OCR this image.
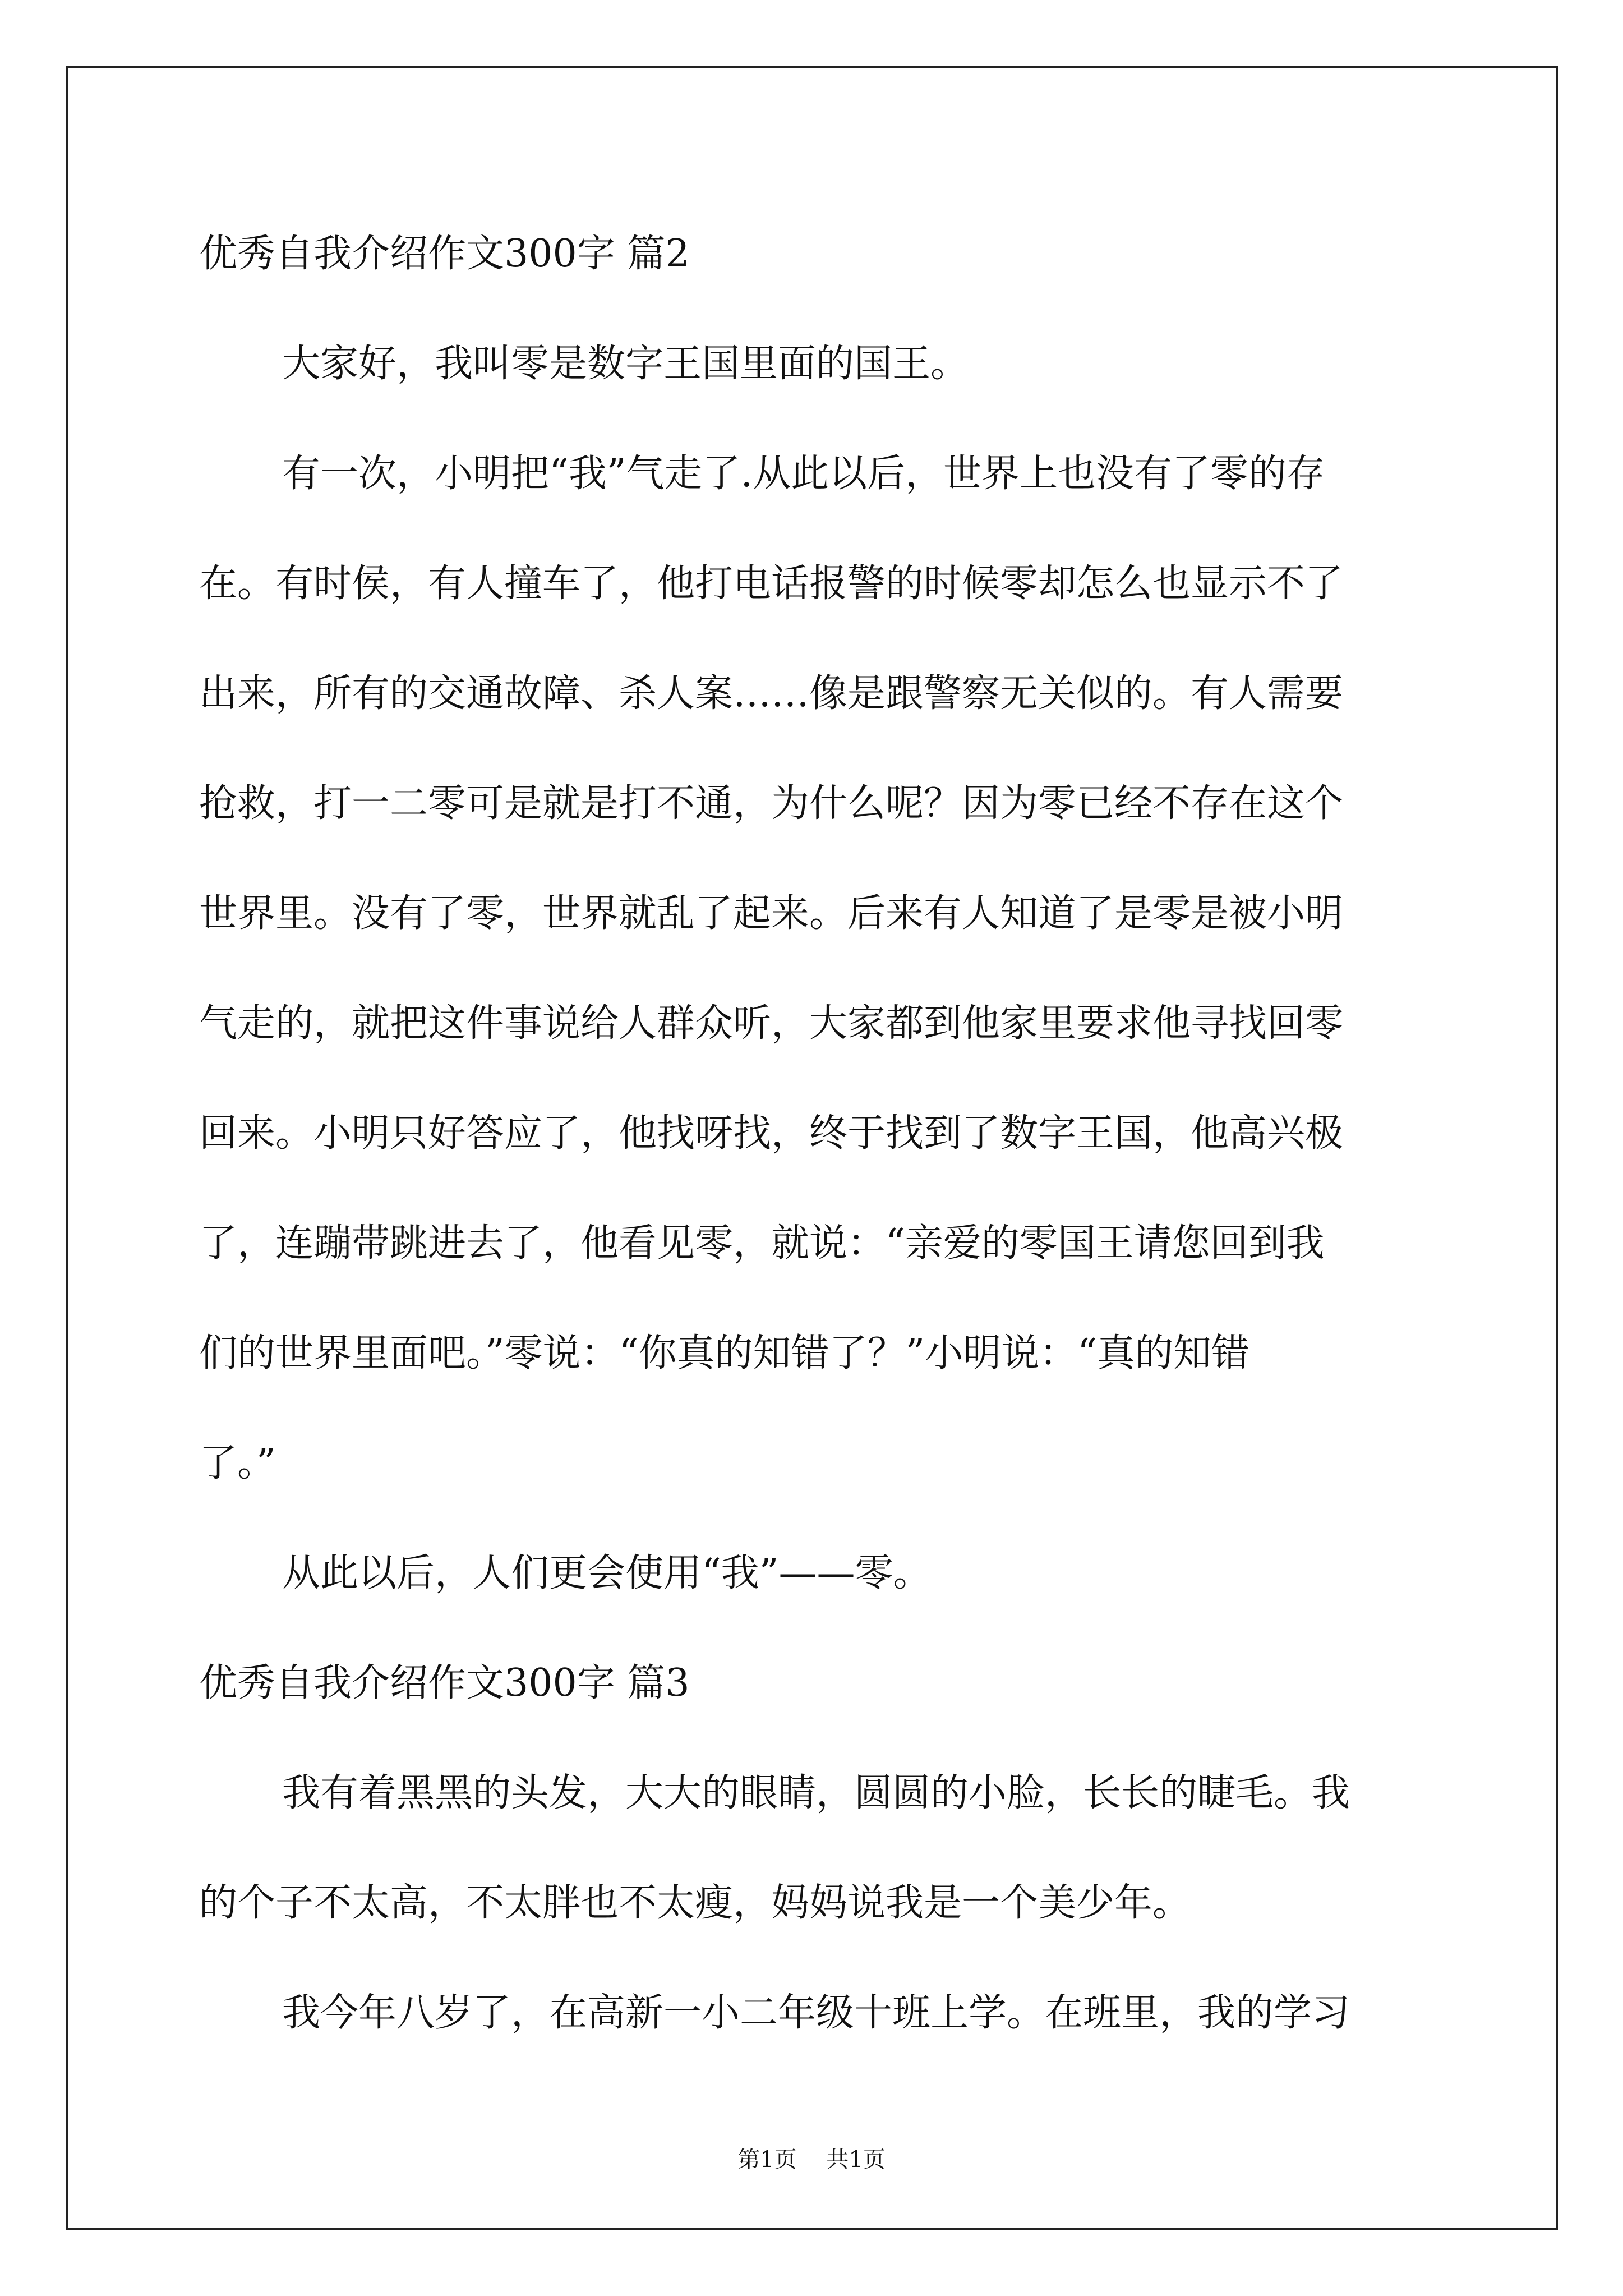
优秀自我介绍作文300字 篇2

大家好，我叫零是数字王国里面的国王。

有一次，小明把“我”气走了.从此以后，世界上也没有了零的存

在。有时侯，有人撞车了，他打电话报警的时候零却怎么也显示不了

出来，所有的交通故障、杀人案……像是跟警察无关似的。有人需要

抢救，打一二零可是就是打不通，为什么呢？因为零已经不存在这个

世界里。没有了零，世界就乱了起来。后来有人知道了是零是被小明

气走的，就把这件事说给人群众听，大家都到他家里要求他寻找回零

回来。小明只好答应了，他找呀找，终于找到了数字王国，他高兴极

了，连蹦带跳进去了，他看见零，就说：“亲爱的零国王请您回到我

们的世界里面吧。”零说：“你真的知错了？”小明说：“真的知错

了。”

从此以后，人们更会使用“我”——零。

优秀自我介绍作文300字 篇3

我有着黑黑的头发，大大的眼睛，圆圆的小脸，长长的睫毛。我

的个子不太高，不太胖也不太瘦，妈妈说我是一个美少年。

我今年八岁了，在高新一小二年级十班上学。在班里，我的学习

第1页 共1页
